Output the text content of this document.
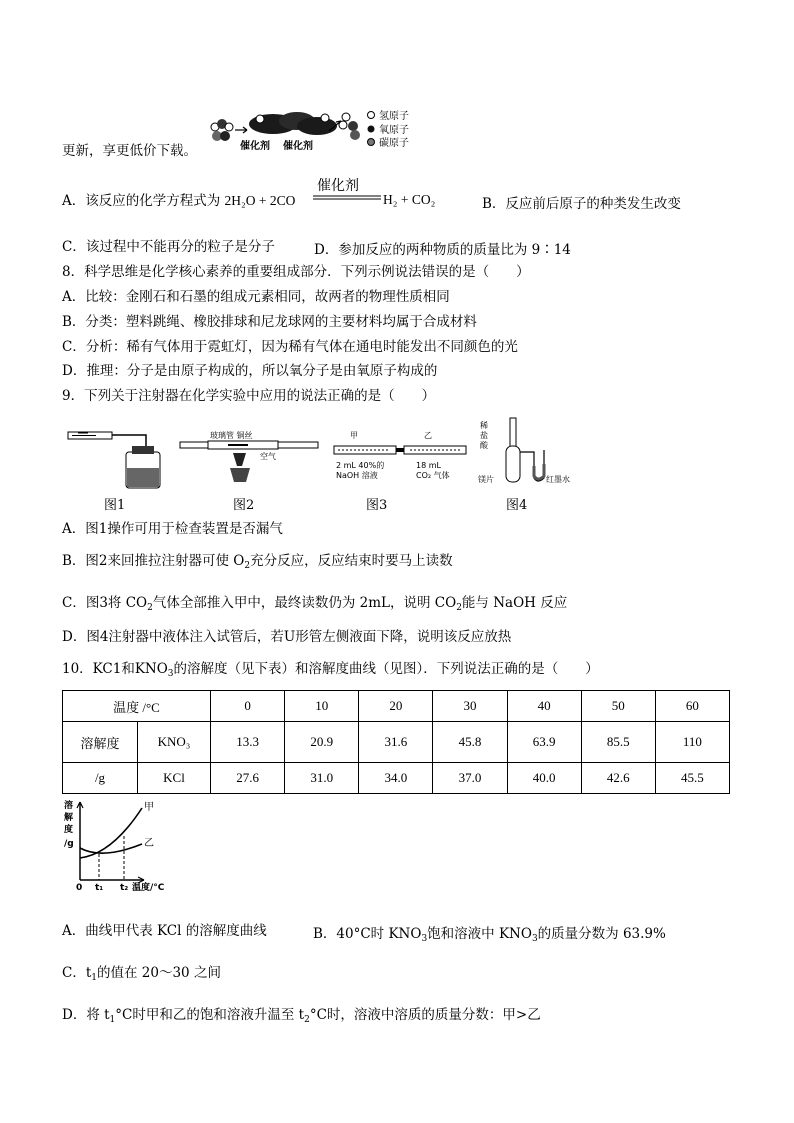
催化剂 催化剂
氢原子
氧原子
碳原子
更新，享更低价下载。
A．该反应的化学方程式为 2H₂O + 2CO
催化剂
H₂ + CO₂	B．反应前后原子的种类发生改变
C．该过程中不能再分的粒子是分子	D．参加反应的两种物质的质量比为 9∶14
8．科学思维是化学核心素养的重要组成部分．下列示例说法错误的是（　　）
A．比较：金刚石和石墨的组成元素相同，故两者的物理性质相同
B．分类：塑料跳绳、橡胶排球和尼龙球网的主要材料均属于合成材料
C．分析：稀有气体用于霓虹灯，因为稀有气体在通电时能发出不同颜色的光
D．推理：分子是由原子构成的，所以氧分子是由氧原子构成的
9．下列关于注射器在化学实验中应用的说法正确的是（　　）
玻璃管 铜丝
空气
甲	乙
2 mL 40%的
NaOH 溶液
18 mL
CO₂ 气体
稀
盐
酸
镁片	红墨水
图1	图2	图3	图4
A．图1操作可用于检查装置是否漏气
B．图2来回推拉注射器可使 $O_2$充分反应，反应结束时要马上读数
C．图3将 $CO_2$气体全部推入甲中，最终读数仍为 2mL，说明 $CO_2$能与 NaOH 反应
D．图4注射器中液体注入试管后，若U形管左侧液面下降，说明该反应放热
10．KC1和$KNO_3$的溶解度（见下表）和溶解度曲线（见图）．下列说法正确的是（　　）
温度 /°C	0	10	20	30	40	50	60

溶解度 KNO₃	13.3	20.9	31.6	45.8	63.9	85.5	110

/g KCl	27.6	31.0	34.0	37.0	40.0	42.6	45.5
溶
解
度
/g
甲
乙
0 t₁ t₂ 温度/°C
A．曲线甲代表 KCl 的溶解度曲线	B．40°C时 $KNO_3$饱和溶液中 $KNO_3$的质量分数为 63.9%
C．$t_1$的值在 20～30 之间
D．将 $t_1^\circ C$时甲和乙的饱和溶液升温至 $t_2^\circ C$时，溶液中溶质的质量分数：甲>乙
